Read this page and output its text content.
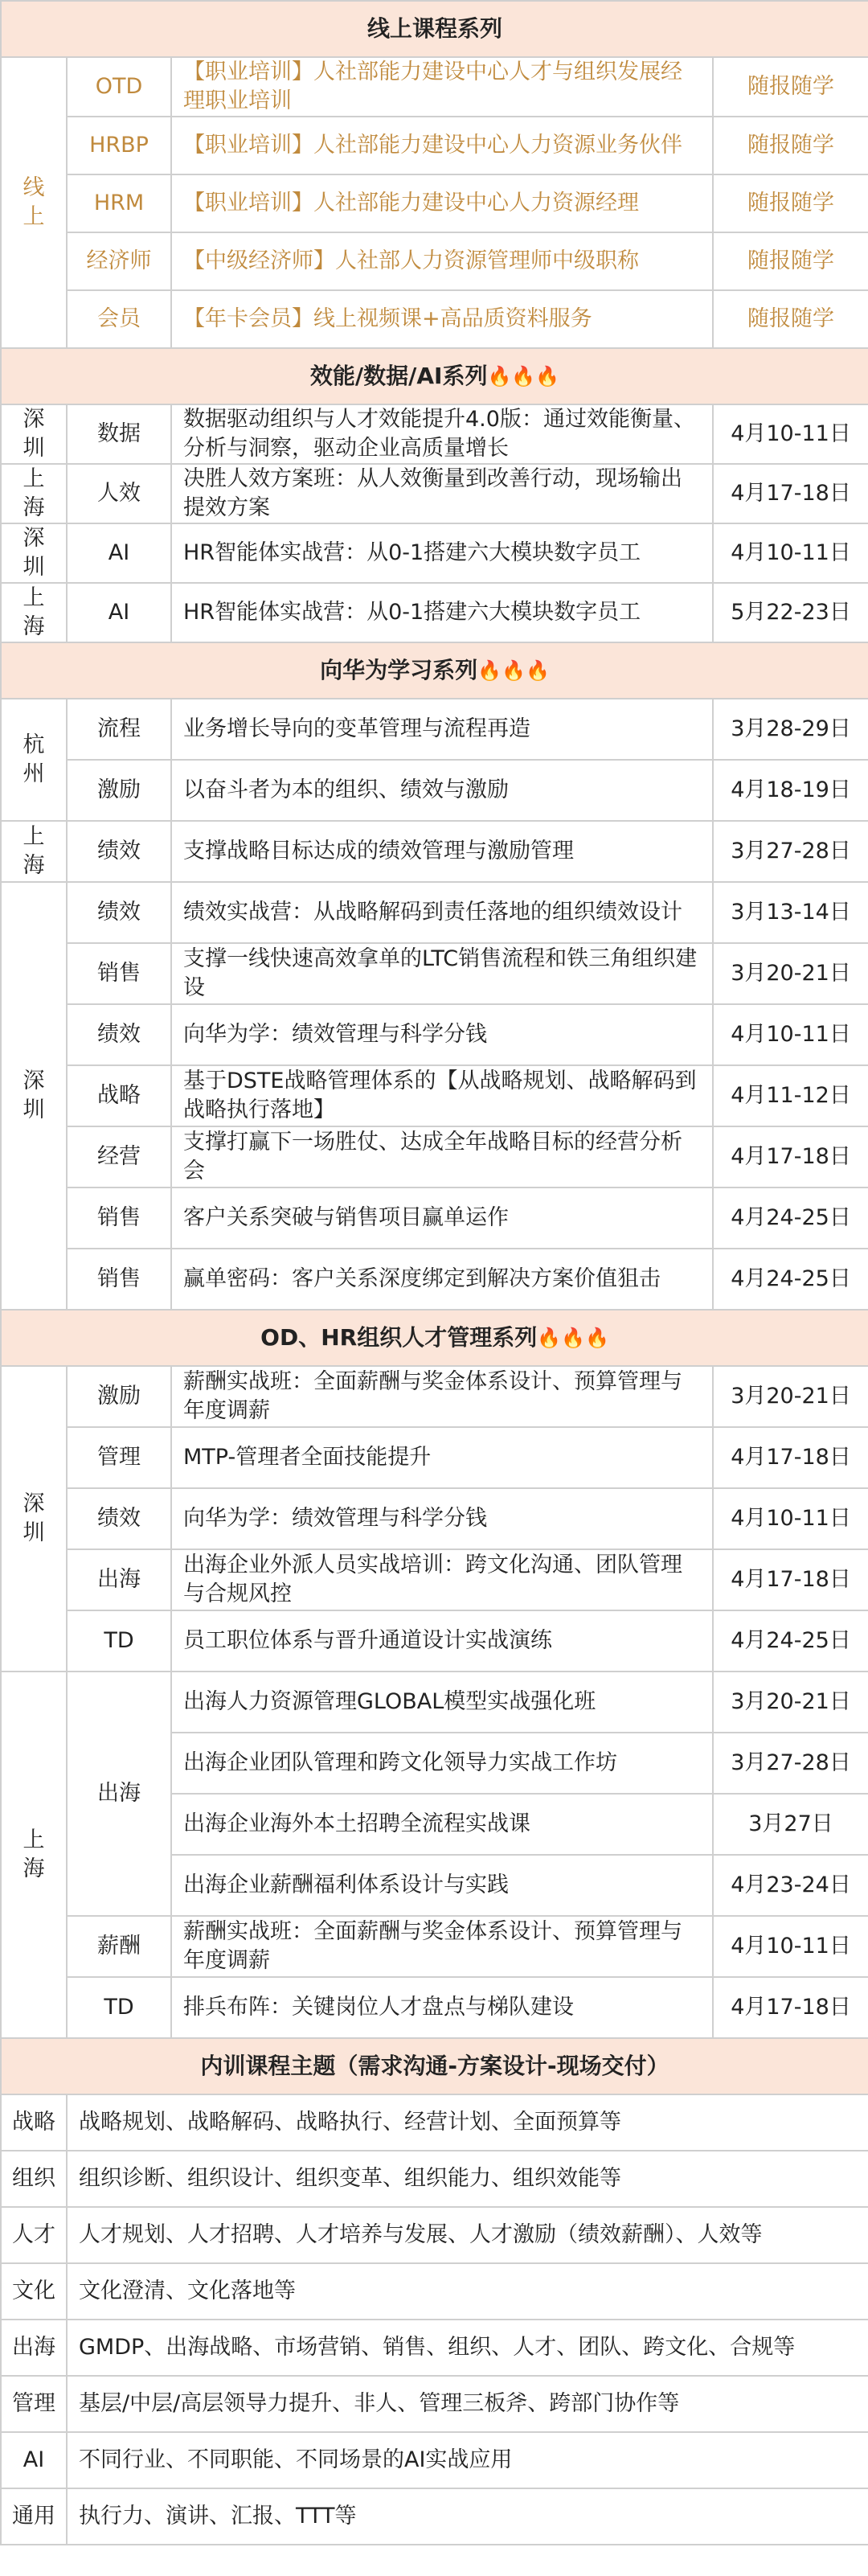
线上课程系列			
线上	OTD	【职业培训】人社部能力建设中心人才与组织发展经理职业培训	随报随学
	HRBP	【职业培训】人社部能力建设中心人力资源业务伙伴	随报随学
	HRM	【职业培训】人社部能力建设中心人力资源经理	随报随学
	经济师	【中级经济师】人社部人力资源管理师中级职称	随报随学
	会员	【年卡会员】线上视频课+高品质资料服务	随报随学
效能/数据/AI系列🔥🔥🔥			
深圳	数据	数据驱动组织与人才效能提升4.0版：通过效能衡量、分析与洞察，驱动企业高质量增长	4月10-11日
上海	人效	决胜人效方案班：从人效衡量到改善行动，现场输出提效方案	4月17-18日
深圳	AI	HR智能体实战营：从0-1搭建六大模块数字员工	4月10-11日
上海	AI	HR智能体实战营：从0-1搭建六大模块数字员工	5月22-23日
向华为学习系列🔥🔥🔥			
杭州	流程	业务增长导向的变革管理与流程再造	3月28-29日
	激励	以奋斗者为本的组织、绩效与激励	4月18-19日
上海	绩效	支撑战略目标达成的绩效管理与激励管理	3月27-28日
深圳	绩效	绩效实战营：从战略解码到责任落地的组织绩效设计	3月13-14日
	销售	支撑一线快速高效拿单的LTC销售流程和铁三角组织建设	3月20-21日
	绩效	向华为学：绩效管理与科学分钱	4月10-11日
	战略	基于DSTE战略管理体系的【从战略规划、战略解码到战略执行落地】	4月11-12日
	经营	支撑打赢下一场胜仗、达成全年战略目标的经营分析会	4月17-18日
	销售	客户关系突破与销售项目赢单运作	4月24-25日
	销售	赢单密码：客户关系深度绑定到解决方案价值狙击	4月24-25日
OD、HR组织人才管理系列🔥🔥🔥			
深圳	激励	薪酬实战班：全面薪酬与奖金体系设计、预算管理与年度调薪	3月20-21日
	管理	MTP-管理者全面技能提升	4月17-18日
	绩效	向华为学：绩效管理与科学分钱	4月10-11日
	出海	出海企业外派人员实战培训：跨文化沟通、团队管理与合规风控	4月17-18日
	TD	员工职位体系与晋升通道设计实战演练	4月24-25日
上海	出海	出海人力资源管理GLOBAL模型实战强化班	3月20-21日
		出海企业团队管理和跨文化领导力实战工作坊	3月27-28日
		出海企业海外本土招聘全流程实战课	3月27日
		出海企业薪酬福利体系设计与实践	4月23-24日
	薪酬	薪酬实战班：全面薪酬与奖金体系设计、预算管理与年度调薪	4月10-11日
	TD	排兵布阵：关键岗位人才盘点与梯队建设	4月17-18日
内训课程主题（需求沟通-方案设计-现场交付）			
战略	战略规划、战略解码、战略执行、经营计划、全面预算等		
组织	组织诊断、组织设计、组织变革、组织能力、组织效能等		
人才	人才规划、人才招聘、人才培养与发展、人才激励（绩效薪酬）、人效等		
文化	文化澄清、文化落地等		
出海	GMDP、出海战略、市场营销、销售、组织、人才、团队、跨文化、合规等		
管理	基层/中层/高层领导力提升、非人、管理三板斧、跨部门协作等		
AI	不同行业、不同职能、不同场景的AI实战应用		
通用	执行力、演讲、汇报、TTT等		
